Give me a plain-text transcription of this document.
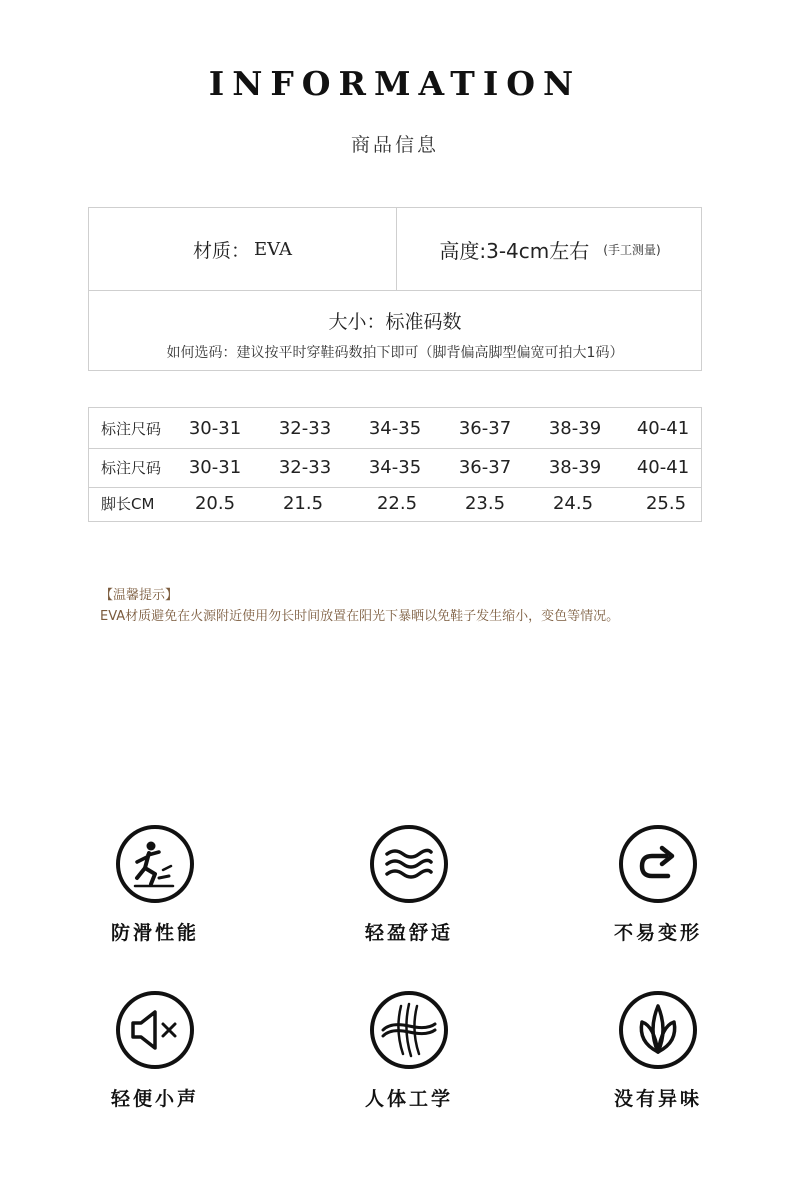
INFORMATION
商品信息
材质： EVA	高度: 3-4cm左右 (手工测量)
大小：标准码数
如何选码：建议按平时穿鞋码数拍下即可（脚背偏高脚型偏宽可拍大1码）
标注尺码	30-31	32-33	34-35	36-37	38-39	40-41
标注尺码	30-31	32-33	34-35	36-37	38-39	40-41
脚长CM	20.5	21.5	22.5	23.5	24.5	25.5
【温馨提示】
EVA材质避免在火源附近使用勿长时间放置在阳光下暴晒以免鞋子发生缩小，变色等情况。
防滑性能	轻盈舒适	不易变形
轻便小声	人体工学	没有异味
